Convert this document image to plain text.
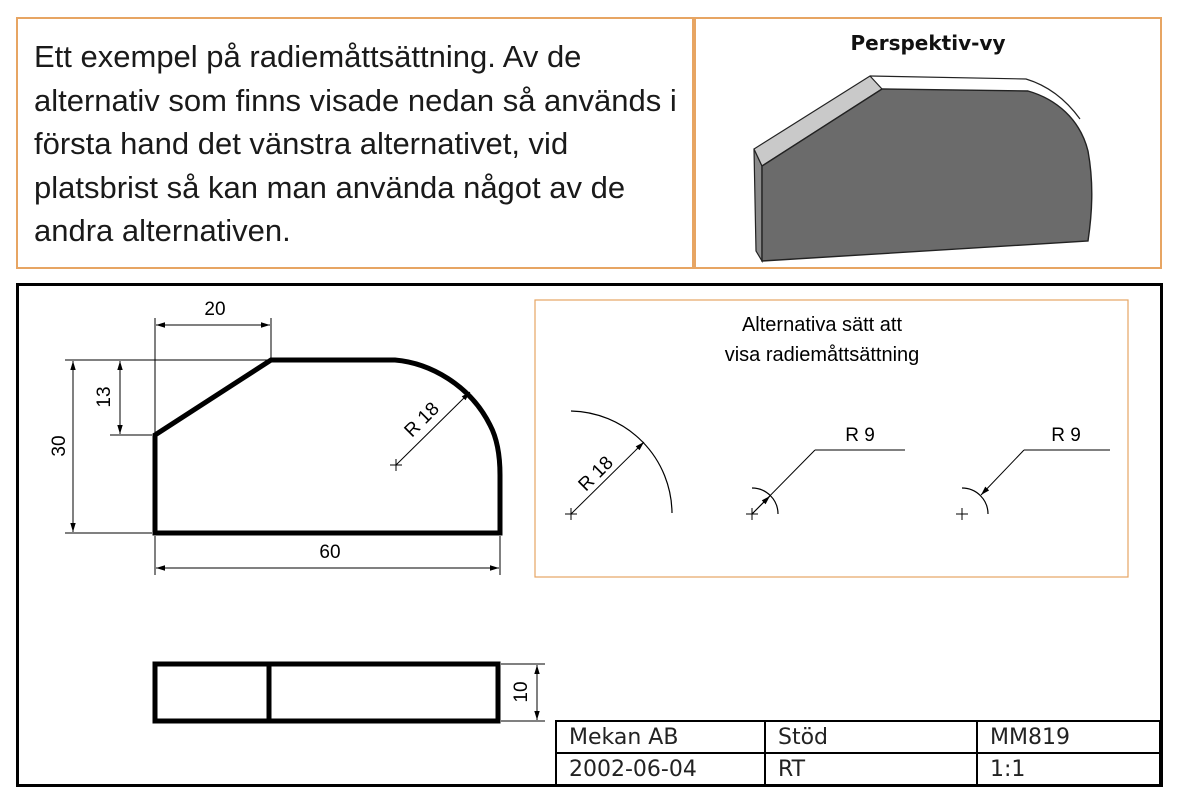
Ett exempel på radiemåttsättning. Av de alternativ som finns visade nedan så används i första hand det vänstra alternativet, vid platsbrist så kan man använda något av de andra alternativen.

Perspektiv-vy
20
13
30
60
R 18
10
Alternativa sätt att
visa radiemåttsättning
R 18
R 9	R 9
Mekan AB	Stöd	MM819
2002-06-04	RT	1:1
